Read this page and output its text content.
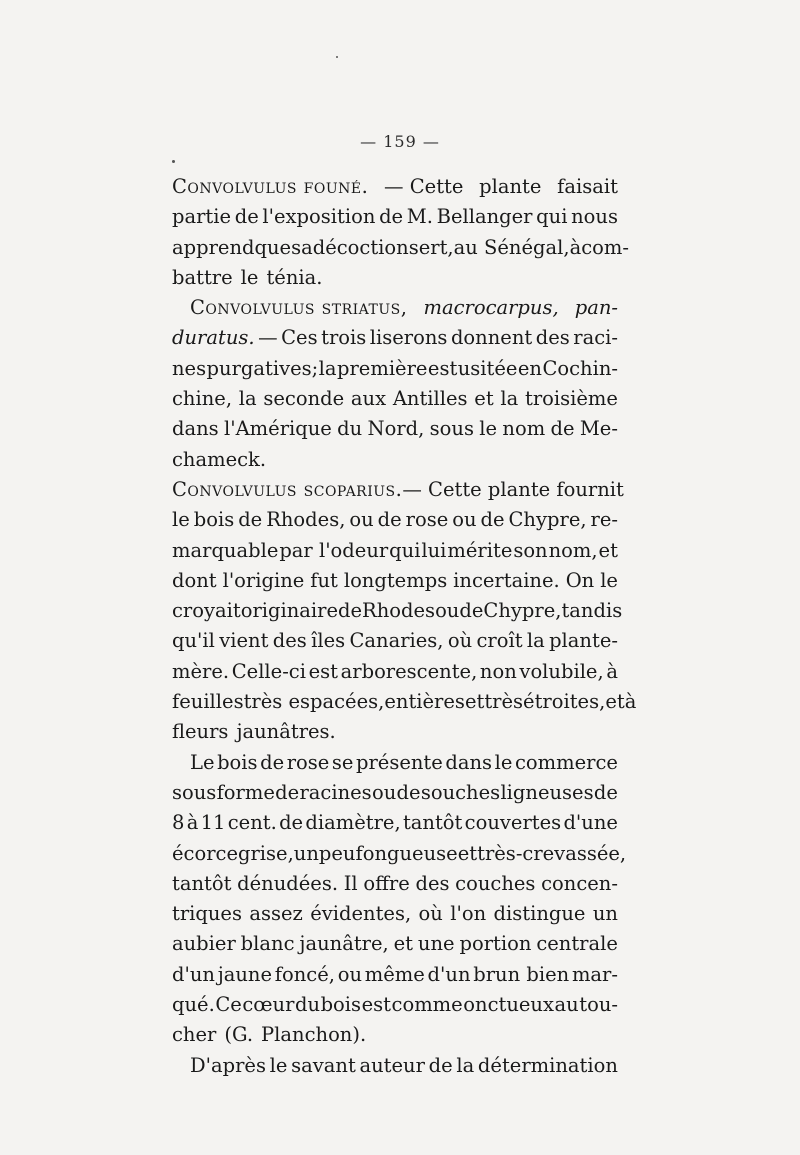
— 159 —
Convolvulus founé. — Cette plante faisait
partie de l'exposition de M. Bellanger qui nous
apprend que sa décoction sert, au Sénégal, à com-
battre le ténia.
Convolvulus striatus, macrocarpus, pan-
duratus. — Ces trois liserons donnent des raci-
nes purgatives; la première est usitée en Cochin-
chine, la seconde aux Antilles et la troisième
dans l'Amérique du Nord, sous le nom de Me-
chameck.
Convolvulus scoparius. — Cette plante fournit
le bois de Rhodes, ou de rose ou de Chypre, re-
marquable par l'odeur qui lui mérite son nom, et
dont l'origine fut longtemps incertaine. On le
croyait originaire de Rhodes ou de Chypre, tandis
qu'il vient des îles Canaries, où croît la plante-
mère. Celle-ci est arborescente, non volubile, à
feuilles très espacées, entières et très étroites, et à
fleurs jaunâtres.
Le bois de rose se présente dans le commerce
sous forme de racines ou de souches ligneuses de
8 à 11 cent. de diamètre, tantôt couvertes d'une
écorce grise, un peu fongueuse et très-crevassée,
tantôt dénudées. Il offre des couches concen-
triques assez évidentes, où l'on distingue un
aubier blanc jaunâtre, et une portion centrale
d'un jaune foncé, ou même d'un brun bien mar-
qué. Ce cœur du bois est comme onctueux au tou-
cher (G. Planchon).
D'après le savant auteur de la détermination
